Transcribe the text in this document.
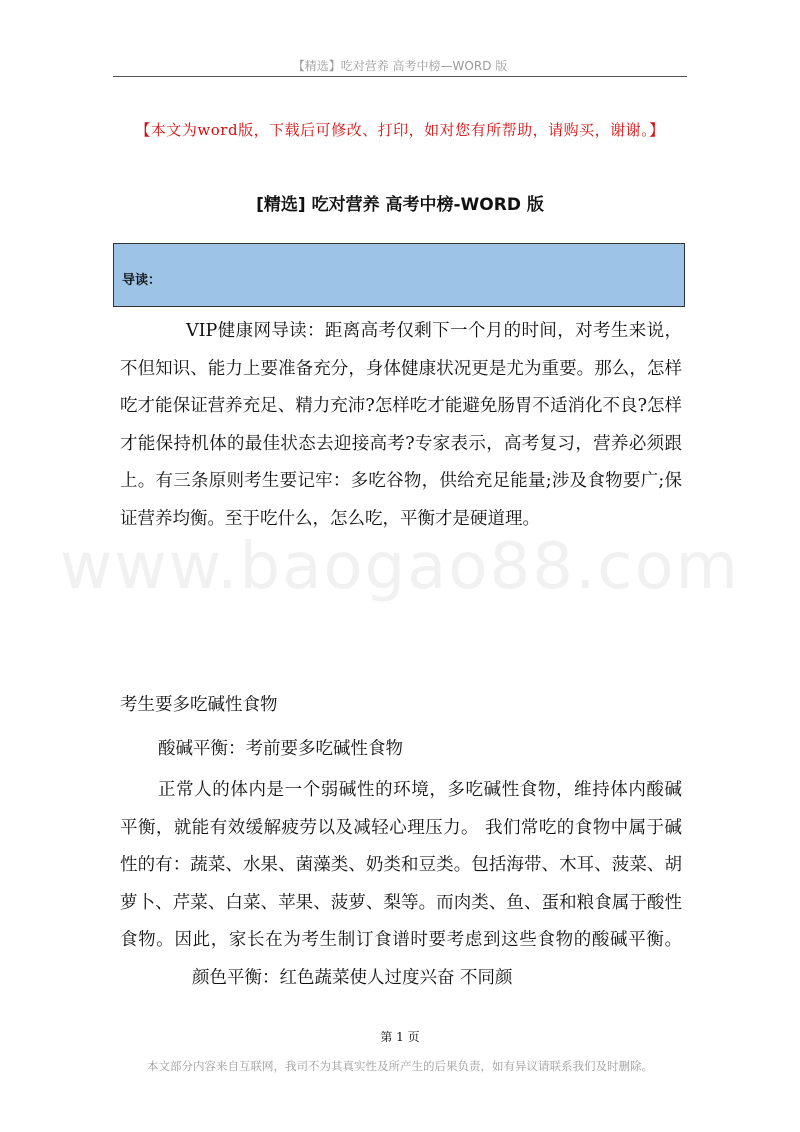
【精选】吃对营养 高考中榜—WORD 版
【本文为word版，下载后可修改、打印，如对您有所帮助，请购买，谢谢。】
[精选] 吃对营养 高考中榜-WORD 版
导读：
www.baogao88.com
VIP健康网导读：距离高考仅剩下一个月的时间，对考生来说，不但知识、能力上要准备充分，身体健康状况更是尤为重要。那么，怎样吃才能保证营养充足、精力充沛?怎样吃才能避免肠胃不适消化不良?怎样才能保持机体的最佳状态去迎接高考?专家表示，高考复习，营养必须跟上。有三条原则考生要记牢：多吃谷物，供给充足能量;涉及食物要广;保证营养均衡。至于吃什么，怎么吃，平衡才是硬道理。
考生要多吃碱性食物
酸碱平衡：考前要多吃碱性食物
正常人的体内是一个弱碱性的环境，多吃碱性食物，维持体内酸碱平衡，就能有效缓解疲劳以及减轻心理压力。 我们常吃的食物中属于碱性的有：蔬菜、水果、菌藻类、奶类和豆类。包括海带、木耳、菠菜、胡萝卜、芹菜、白菜、苹果、菠萝、梨等。而肉类、鱼、蛋和粮食属于酸性食物。因此，家长在为考生制订食谱时要考虑到这些食物的酸碱平衡。颜色平衡：红色蔬菜使人过度兴奋 不同颜
第 1 页
本文部分内容来自互联网，我司不为其真实性及所产生的后果负责，如有异议请联系我们及时删除。
